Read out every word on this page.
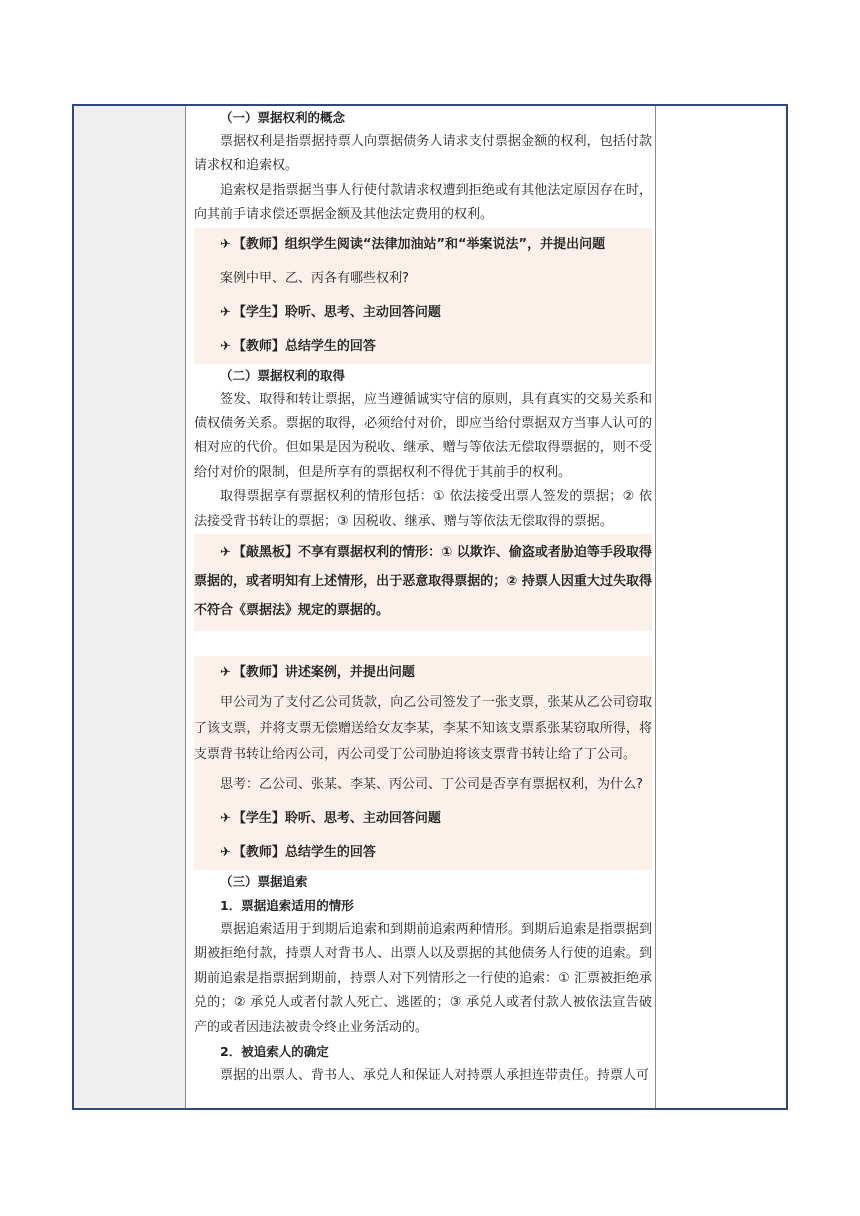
（一）票据权利的概念

票据权利是指票据持票人向票据债务人请求支付票据金额的权利，包括付款请求权和追索权。

追索权是指票据当事人行使付款请求权遭到拒绝或有其他法定原因存在时，向其前手请求偿还票据金额及其他法定费用的权利。

✈ 【教师】组织学生阅读“法律加油站”和“举案说法”，并提出问题
案例中甲、乙、丙各有哪些权利?
✈ 【学生】聆听、思考、主动回答问题
✈ 【教师】总结学生的回答

（二）票据权利的取得

签发、取得和转让票据，应当遵循诚实守信的原则，具有真实的交易关系和债权债务关系。票据的取得，必须给付对价，即应当给付票据双方当事人认可的相对应的代价。但如果是因为税收、继承、赠与等依法无偿取得票据的，则不受给付对价的限制，但是所享有的票据权利不得优于其前手的权利。

取得票据享有票据权利的情形包括：① 依法接受出票人签发的票据；② 依法接受背书转让的票据；③ 因税收、继承、赠与等依法无偿取得的票据。

✈ 【敲黑板】不享有票据权利的情形：① 以欺诈、偷盗或者胁迫等手段取得票据的，或者明知有上述情形，出于恶意取得票据的；② 持票人因重大过失取得不符合《票据法》规定的票据的。

✈ 【教师】讲述案例，并提出问题

甲公司为了支付乙公司货款，向乙公司签发了一张支票，张某从乙公司窃取了该支票，并将支票无偿赠送给女友李某，李某不知该支票系张某窃取所得，将支票背书转让给丙公司，丙公司受丁公司胁迫将该支票背书转让给了丁公司。

思考：乙公司、张某、李某、丙公司、丁公司是否享有票据权利，为什么?
✈ 【学生】聆听、思考、主动回答问题
✈ 【教师】总结学生的回答

（三）票据追索

1．票据追索适用的情形

票据追索适用于到期后追索和到期前追索两种情形。到期后追索是指票据到期被拒绝付款，持票人对背书人、出票人以及票据的其他债务人行使的追索。到期前追索是指票据到期前，持票人对下列情形之一行使的追索：① 汇票被拒绝承兑的；② 承兑人或者付款人死亡、逃匿的；③ 承兑人或者付款人被依法宣告破产的或者因违法被责令终止业务活动的。

2．被追索人的确定

票据的出票人、背书人、承兑人和保证人对持票人承担连带责任。持票人可
